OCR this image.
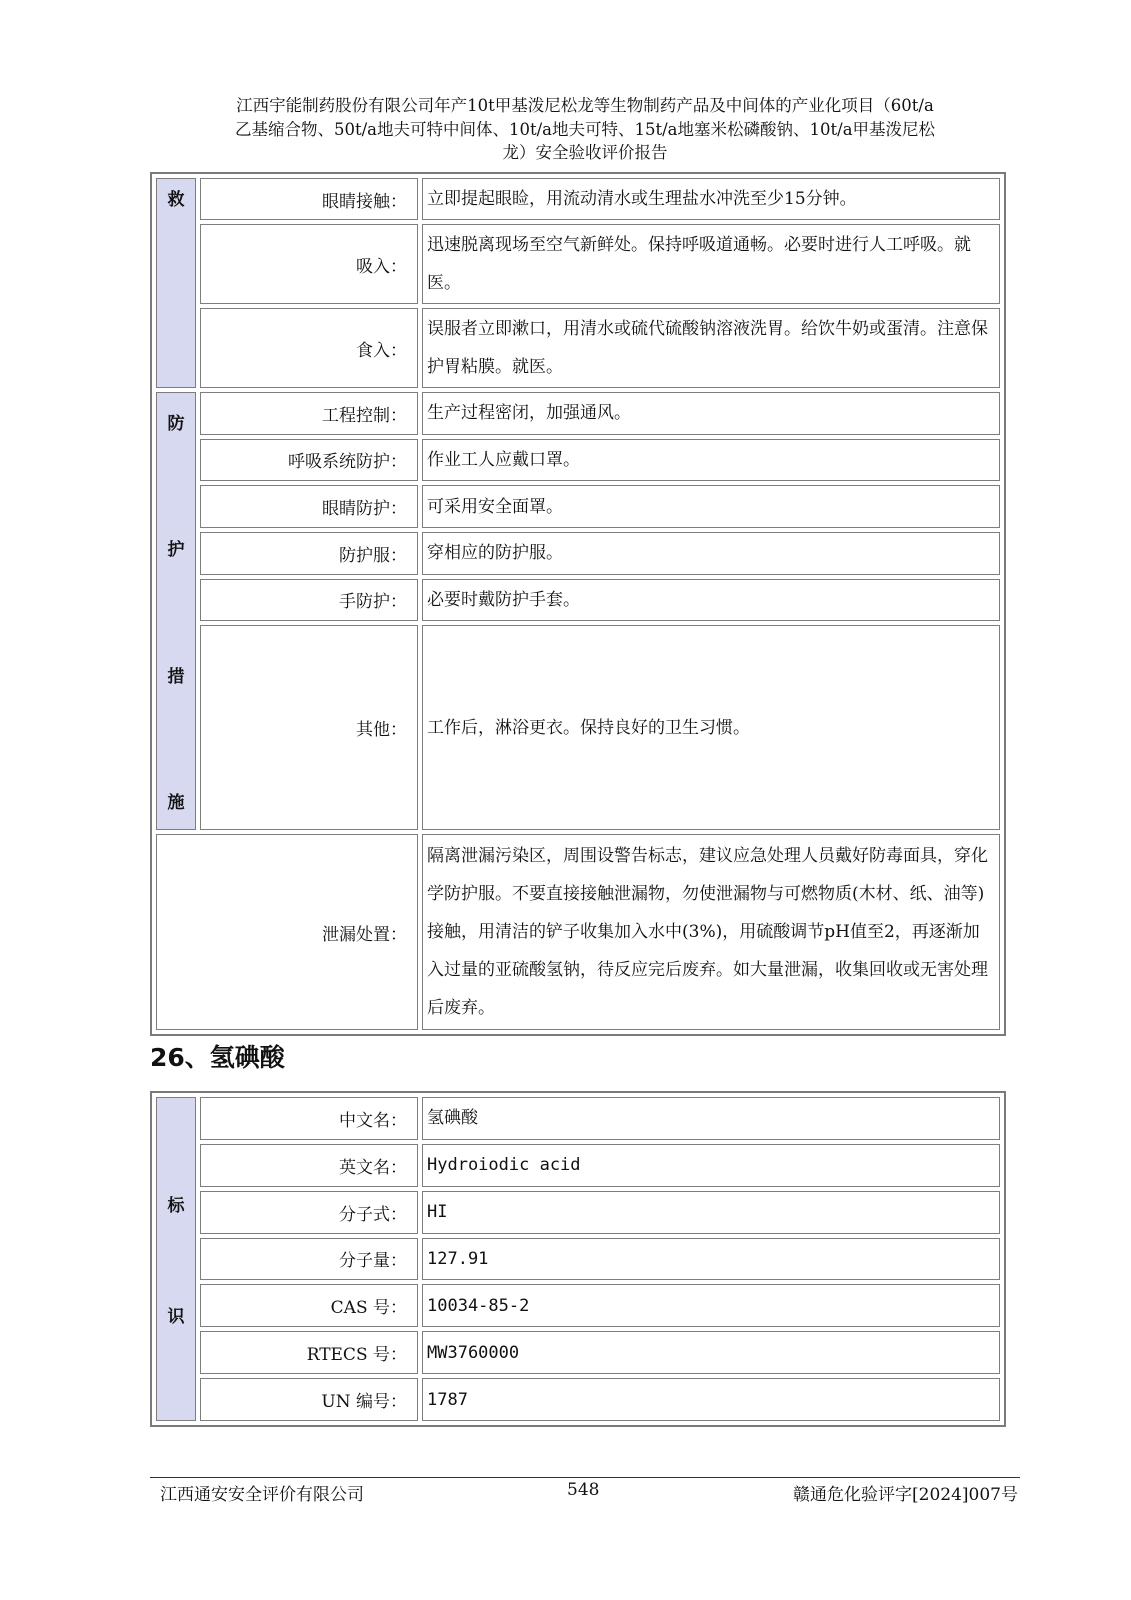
江西宇能制药股份有限公司年产10t甲基泼尼松龙等生物制药产品及中间体的产业化项目（60t/a
乙基缩合物、50t/a地夫可特中间体、10t/a地夫可特、15t/a地塞米松磷酸钠、10t/a甲基泼尼松
龙）安全验收评价报告
救	眼睛接触：	立即提起眼睑，用流动清水或生理盐水冲洗至少15分钟。
	吸入：	迅速脱离现场至空气新鲜处。保持呼吸道通畅。必要时进行人工呼吸。就医。
	食入：	误服者立即漱口，用清水或硫代硫酸钠溶液洗胃。给饮牛奶或蛋清。注意保护胃粘膜。就医。

防
护
措
施	工程控制：	生产过程密闭，加强通风。
	呼吸系统防护：	作业工人应戴口罩。
	眼睛防护：	可采用安全面罩。
	防护服：	穿相应的防护服。
	手防护：	必要时戴防护手套。
	其他：	工作后，淋浴更衣。保持良好的卫生习惯。
泄漏处置：		隔离泄漏污染区，周围设警告标志，建议应急处理人员戴好防毒面具，穿化学防护服。不要直接接触泄漏物，勿使泄漏物与可燃物质(木材、纸、油等)接触，用清洁的铲子收集加入水中(3%)，用硫酸调节pH值至2，再逐渐加入过量的亚硫酸氢钠，待反应完后废弃。如大量泄漏，收集回收或无害处理后废弃。
26、氢碘酸
标
识	中文名：	氢碘酸
	英文名：	Hydroiodic acid
	分子式：	HI
	分子量：	127.91
	CAS 号：	10034-85-2
	RTECS 号：	MW3760000
	UN 编号：	1787
江西通安安全评价有限公司	548	赣通危化验评字[2024]007号
